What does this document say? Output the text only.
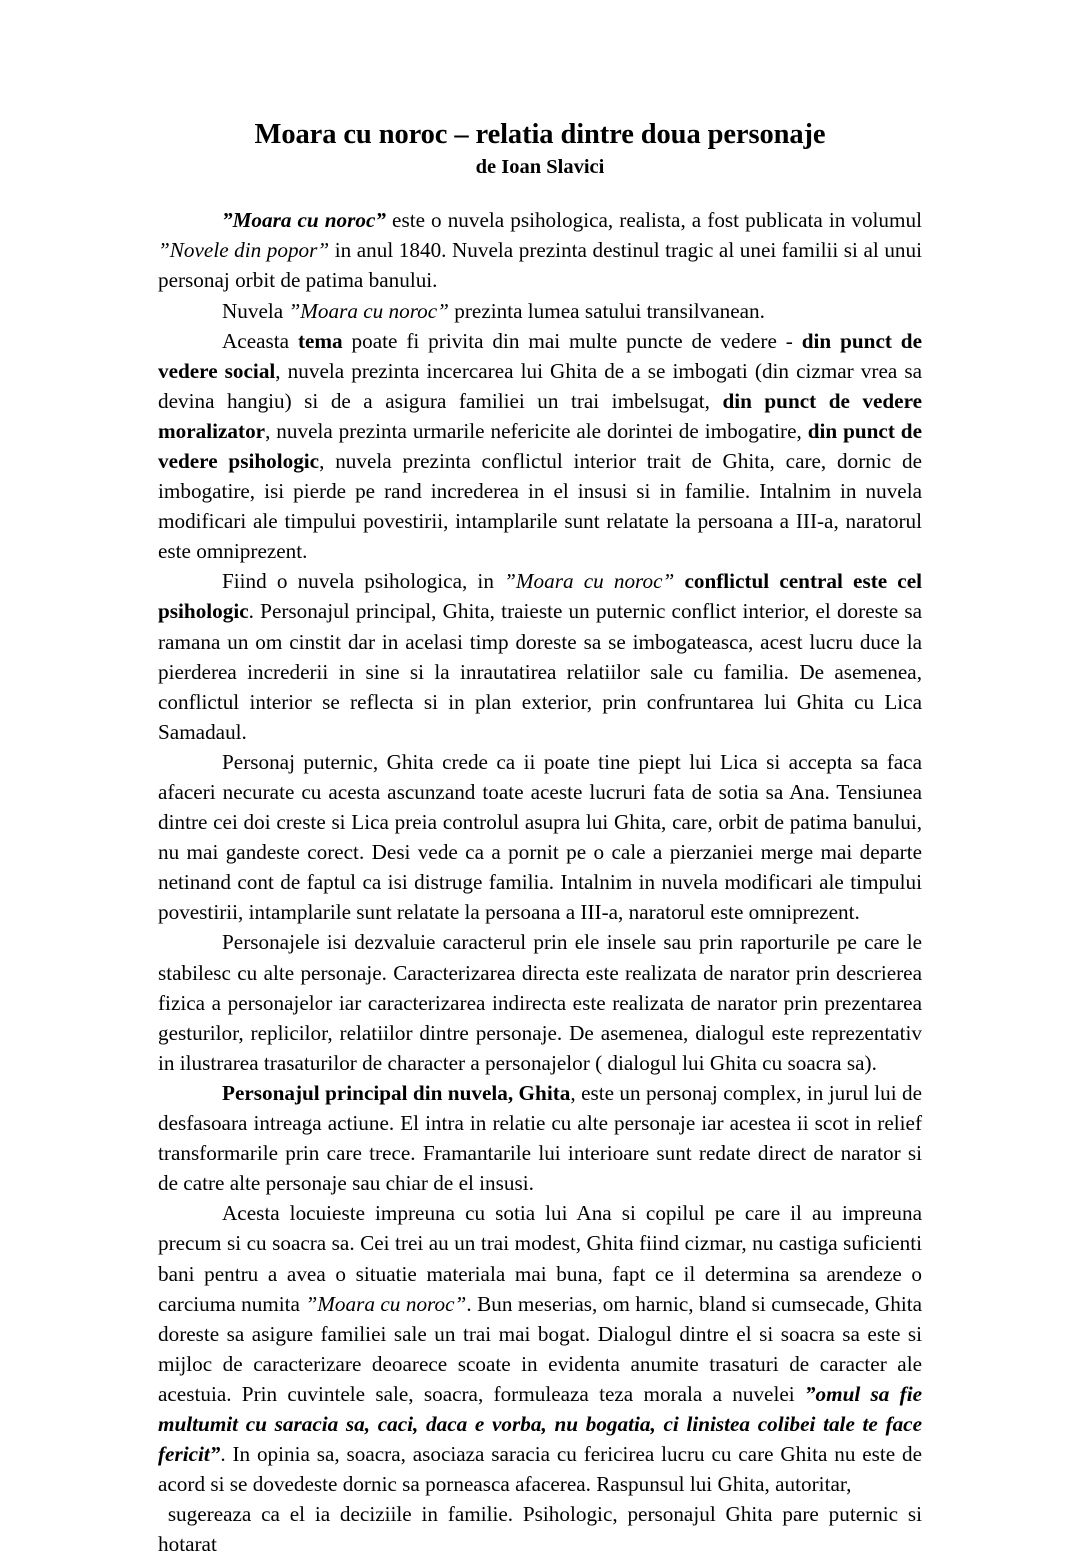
Moara cu noroc – relatia dintre doua personaje
de Ioan Slavici

”Moara cu noroc” este o nuvela psihologica, realista, a fost publicata in volumul ”Novele din popor” in anul 1840. Nuvela prezinta destinul tragic al unei familii si al unui personaj orbit de patima banului.

Nuvela ”Moara cu noroc” prezinta lumea satului transilvanean.

Aceasta tema poate fi privita din mai multe puncte de vedere - din punct de vedere social, nuvela prezinta incercarea lui Ghita de a se imbogati (din cizmar vrea sa devina hangiu) si de a asigura familiei un trai imbelsugat, din punct de vedere moralizator, nuvela prezinta urmarile nefericite ale dorintei de imbogatire, din punct de vedere psihologic, nuvela prezinta conflictul interior trait de Ghita, care, dornic de imbogatire, isi pierde pe rand increderea in el insusi si in familie. Intalnim in nuvela modificari ale timpului povestirii, intamplarile sunt relatate la persoana a III-a, naratorul este omniprezent.

Fiind o nuvela psihologica, in ”Moara cu noroc” conflictul central este cel psihologic. Personajul principal, Ghita, traieste un puternic conflict interior, el doreste sa ramana un om cinstit dar in acelasi timp doreste sa se imbogateasca, acest lucru duce la pierderea increderii in sine si la inrautatirea relatiilor sale cu familia. De asemenea, conflictul interior se reflecta si in plan exterior, prin confruntarea lui Ghita cu Lica Samadaul.

Personaj puternic, Ghita crede ca ii poate tine piept lui Lica si accepta sa faca afaceri necurate cu acesta ascunzand toate aceste lucruri fata de sotia sa Ana. Tensiunea dintre cei doi creste si Lica preia controlul asupra lui Ghita, care, orbit de patima banului, nu mai gandeste corect. Desi vede ca a pornit pe o cale a pierzaniei merge mai departe netinand cont de faptul ca isi distruge familia. Intalnim in nuvela modificari ale timpului povestirii, intamplarile sunt relatate la persoana a III-a, naratorul este omniprezent.

Personajele isi dezvaluie caracterul prin ele insele sau prin raporturile pe care le stabilesc cu alte personaje. Caracterizarea directa este realizata de narator prin descrierea fizica a personajelor iar caracterizarea indirecta este realizata de narator prin prezentarea gesturilor, replicilor, relatiilor dintre personaje. De asemenea, dialogul este reprezentativ in ilustrarea trasaturilor de character a personajelor ( dialogul lui Ghita cu soacra sa).

Personajul principal din nuvela, Ghita, este un personaj complex, in jurul lui de desfasoara intreaga actiune. El intra in relatie cu alte personaje iar acestea ii scot in relief transformarile prin care trece. Framantarile lui interioare sunt redate direct de narator si de catre alte personaje sau chiar de el insusi.

Acesta locuieste impreuna cu sotia lui Ana si copilul pe care il au impreuna precum si cu soacra sa. Cei trei au un trai modest, Ghita fiind cizmar, nu castiga suficienti bani pentru a avea o situatie materiala mai buna, fapt ce il determina sa arendeze o carciuma numita ”Moara cu noroc”. Bun meserias, om harnic, bland si cumsecade, Ghita doreste sa asigure familiei sale un trai mai bogat. Dialogul dintre el si soacra sa este si mijloc de caracterizare deoarece scoate in evidenta anumite trasaturi de caracter ale acestuia. Prin cuvintele sale, soacra, formuleaza teza morala a nuvelei ”omul sa fie multumit cu saracia sa, caci, daca e vorba, nu bogatia, ci linistea colibei tale te face fericit”. In opinia sa, soacra, asociaza saracia cu fericirea lucru cu care Ghita nu este de acord si se dovedeste dornic sa porneasca afacerea. Raspunsul lui Ghita, autoritar,

sugereaza ca el ia deciziile in familie. Psihologic, personajul Ghita pare puternic si hotarat
